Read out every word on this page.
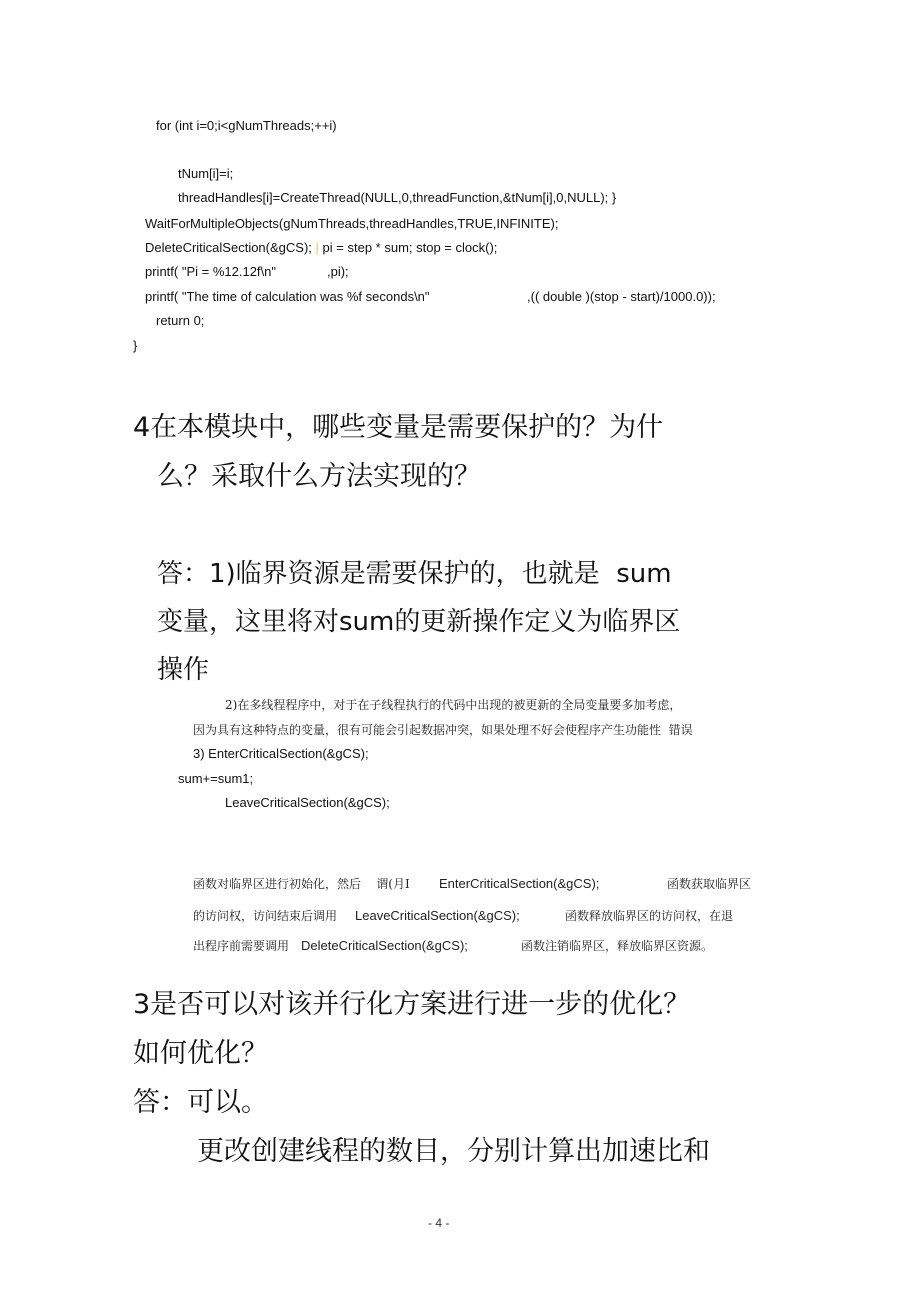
for (int i=0;i<gNumThreads;++i)
tNum[i]=i;
threadHandles[i]=CreateThread(NULL,0,threadFunction,&tNum[i],0,NULL); }
WaitForMultipleObjects(gNumThreads,threadHandles,TRUE,INFINITE);
DeleteCriticalSection(&gCS); | pi = step * sum; stop = clock();
printf( "Pi = %12.12f\n"	,pi);
printf( "The time of calculation was %f seconds\n"	,(( double )(stop - start)/1000.0));
return 0;
}
4在本模块中，哪些变量是需要保护的？为什
么？采取什么方法实现的？
答：1)临界资源是需要保护的，也就是  sum
变量，这里将对sum的更新操作定义为临界区
操作
2)在多线程程序中，对于在子线程执行的代码中出现的被更新的全局变量要多加考虑，
因为具有这种特点的变量，很有可能会引起数据冲突，如果处理不好会使程序产生功能性  错误
3) EnterCriticalSection(&gCS);
sum+=sum1;
LeaveCriticalSection(&gCS);
函数对临界区进行初始化，然后    谓(月I EnterCriticalSection(&gCS);	函数获取临界区
的访问权，访问结束后调用 LeaveCriticalSection(&gCS);	函数释放临界区的访问权，在退
出程序前需要调用 DeleteCriticalSection(&gCS);	函数注销临界区，释放临界区资源。
3是否可以对该并行化方案进行进一步的优化？
如何优化？
答：可以。
更改创建线程的数目，分别计算出加速比和
- 4 -
